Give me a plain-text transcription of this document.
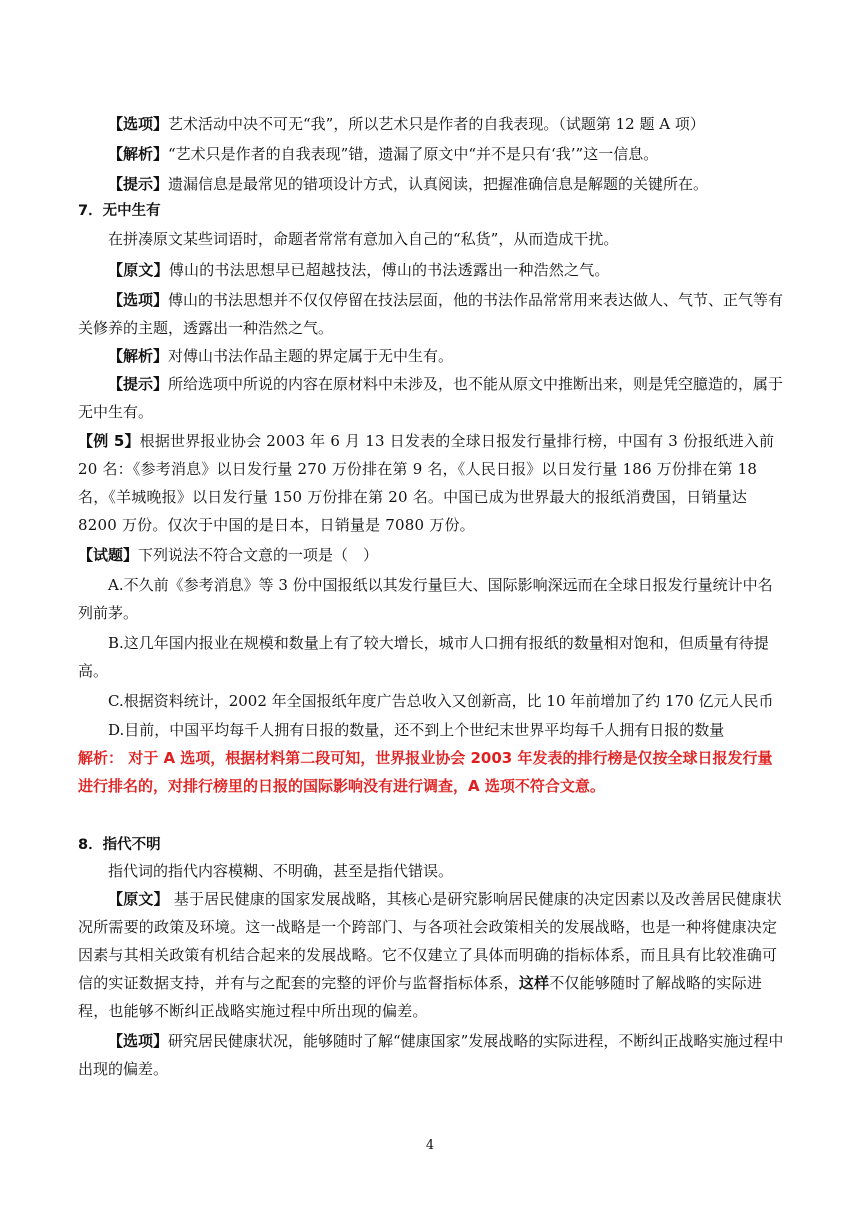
【选项】艺术活动中决不可无“我”，所以艺术只是作者的自我表现。（试题第 12 题 A 项）

【解析】“艺术只是作者的自我表现”错，遗漏了原文中“并不是只有‘我’”这一信息。

【提示】遗漏信息是最常见的错项设计方式，认真阅读，把握准确信息是解题的关键所在。

7．无中生有

在拼凑原文某些词语时，命题者常常有意加入自己的“私货”，从而造成干扰。

【原文】傅山的书法思想早已超越技法，傅山的书法透露出一种浩然之气。

【选项】傅山的书法思想并不仅仅停留在技法层面，他的书法作品常常用来表达做人、气节、正气等有关修养的主题，透露出一种浩然之气。

【解析】对傅山书法作品主题的界定属于无中生有。

【提示】所给选项中所说的内容在原材料中未涉及，也不能从原文中推断出来，则是凭空臆造的，属于无中生有。

【例 5】根据世界报业协会 2003 年 6 月 13 日发表的全球日报发行量排行榜，中国有 3 份报纸进入前 20 名：《参考消息》以日发行量 270 万份排在第 9 名，《人民日报》以日发行量 186 万份排在第 18 名，《羊城晚报》以日发行量 150 万份排在第 20 名。中国已成为世界最大的报纸消费国，日销量达 8200 万份。仅次于中国的是日本，日销量是 7080 万份。

【试题】下列说法不符合文意的一项是（　）

A.不久前《参考消息》等 3 份中国报纸以其发行量巨大、国际影响深远而在全球日报发行量统计中名列前茅。

B.这几年国内报业在规模和数量上有了较大增长，城市人口拥有报纸的数量相对饱和，但质量有待提高。

C.根据资料统计，2002 年全国报纸年度广告总收入又创新高，比 10 年前增加了约 170 亿元人民币

D.目前，中国平均每千人拥有日报的数量，还不到上个世纪末世界平均每千人拥有日报的数量

解析： 对于 A 选项，根据材料第二段可知，世界报业协会 2003 年发表的排行榜是仅按全球日报发行量进行排名的，对排行榜里的日报的国际影响没有进行调查，A 选项不符合文意。

8．指代不明

指代词的指代内容模糊、不明确，甚至是指代错误。

【原文】 基于居民健康的国家发展战略，其核心是研究影响居民健康的决定因素以及改善居民健康状况所需要的政策及环境。这一战略是一个跨部门、与各项社会政策相关的发展战略，也是一种将健康决定因素与其相关政策有机结合起来的发展战略。它不仅建立了具体而明确的指标体系，而且具有比较准确可信的实证数据支持，并有与之配套的完整的评价与监督指标体系，这样不仅能够随时了解战略的实际进程，也能够不断纠正战略实施过程中所出现的偏差。

【选项】研究居民健康状况，能够随时了解“健康国家”发展战略的实际进程，不断纠正战略实施过程中出现的偏差。

4
